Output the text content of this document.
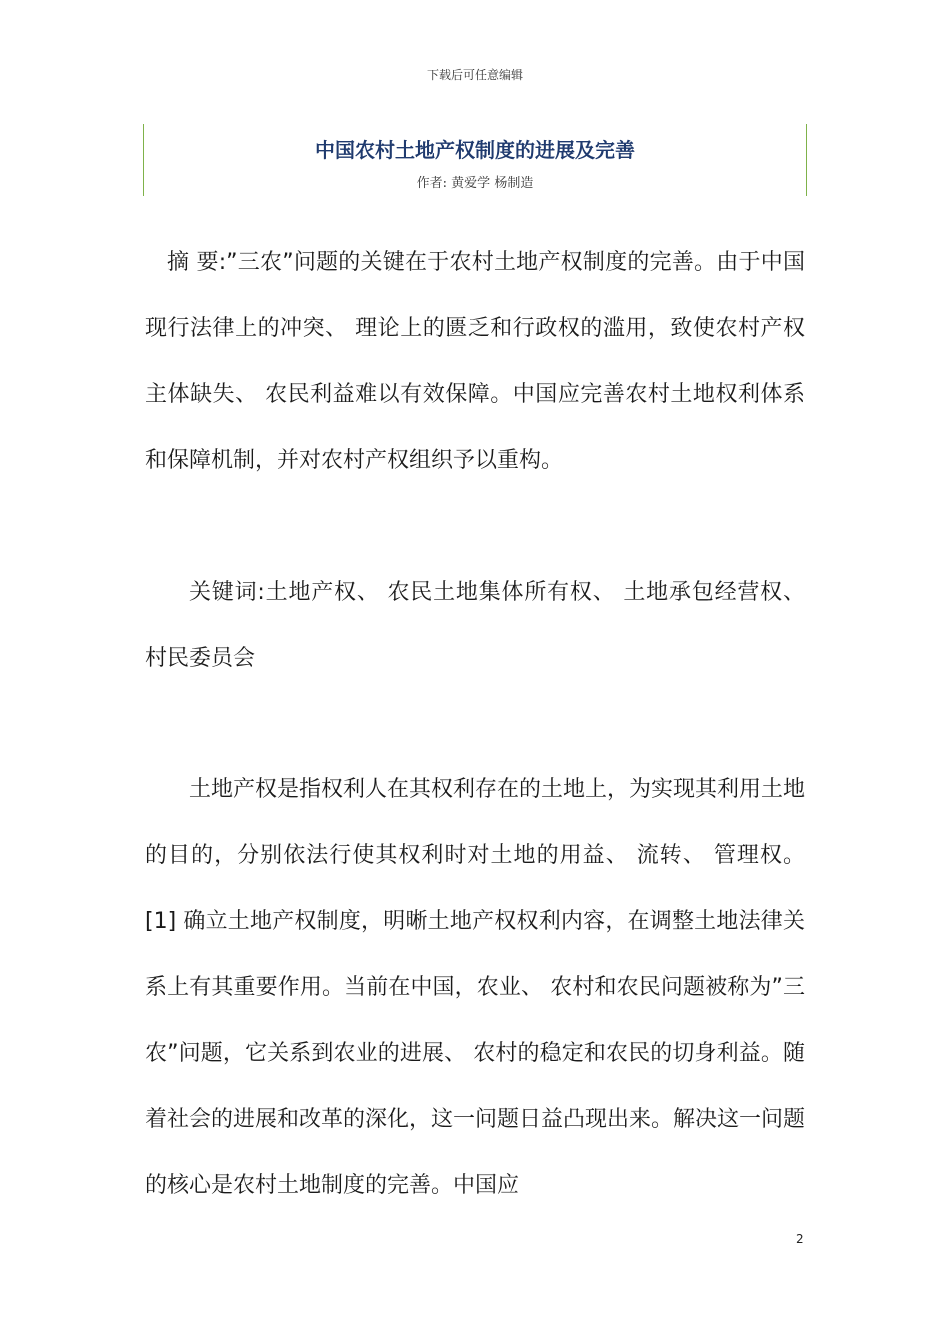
下载后可任意编辑
中国农村土地产权制度的进展及完善
作者: 黄爱学 杨制造

摘 要:”三农”问题的关键在于农村土地产权制度的完善。由于中国现行法律上的冲突、 理论上的匮乏和行政权的滥用，致使农村产权主体缺失、 农民利益难以有效保障。中国应完善农村土地权利体系和保障机制，并对农村产权组织予以重构。

关键词:土地产权、 农民土地集体所有权、 土地承包经营权、 村民委员会

土地产权是指权利人在其权利存在的土地上，为实现其利用土地的目的，分别依法行使其权利时对土地的用益、 流转、 管理权。[1] 确立土地产权制度，明晰土地产权权利内容，在调整土地法律关系上有其重要作用。当前在中国，农业、 农村和农民问题被称为”三农”问题，它关系到农业的进展、 农村的稳定和农民的切身利益。随着社会的进展和改革的深化，这一问题日益凸现出来。解决这一问题的核心是农村土地制度的完善。中国应

2
